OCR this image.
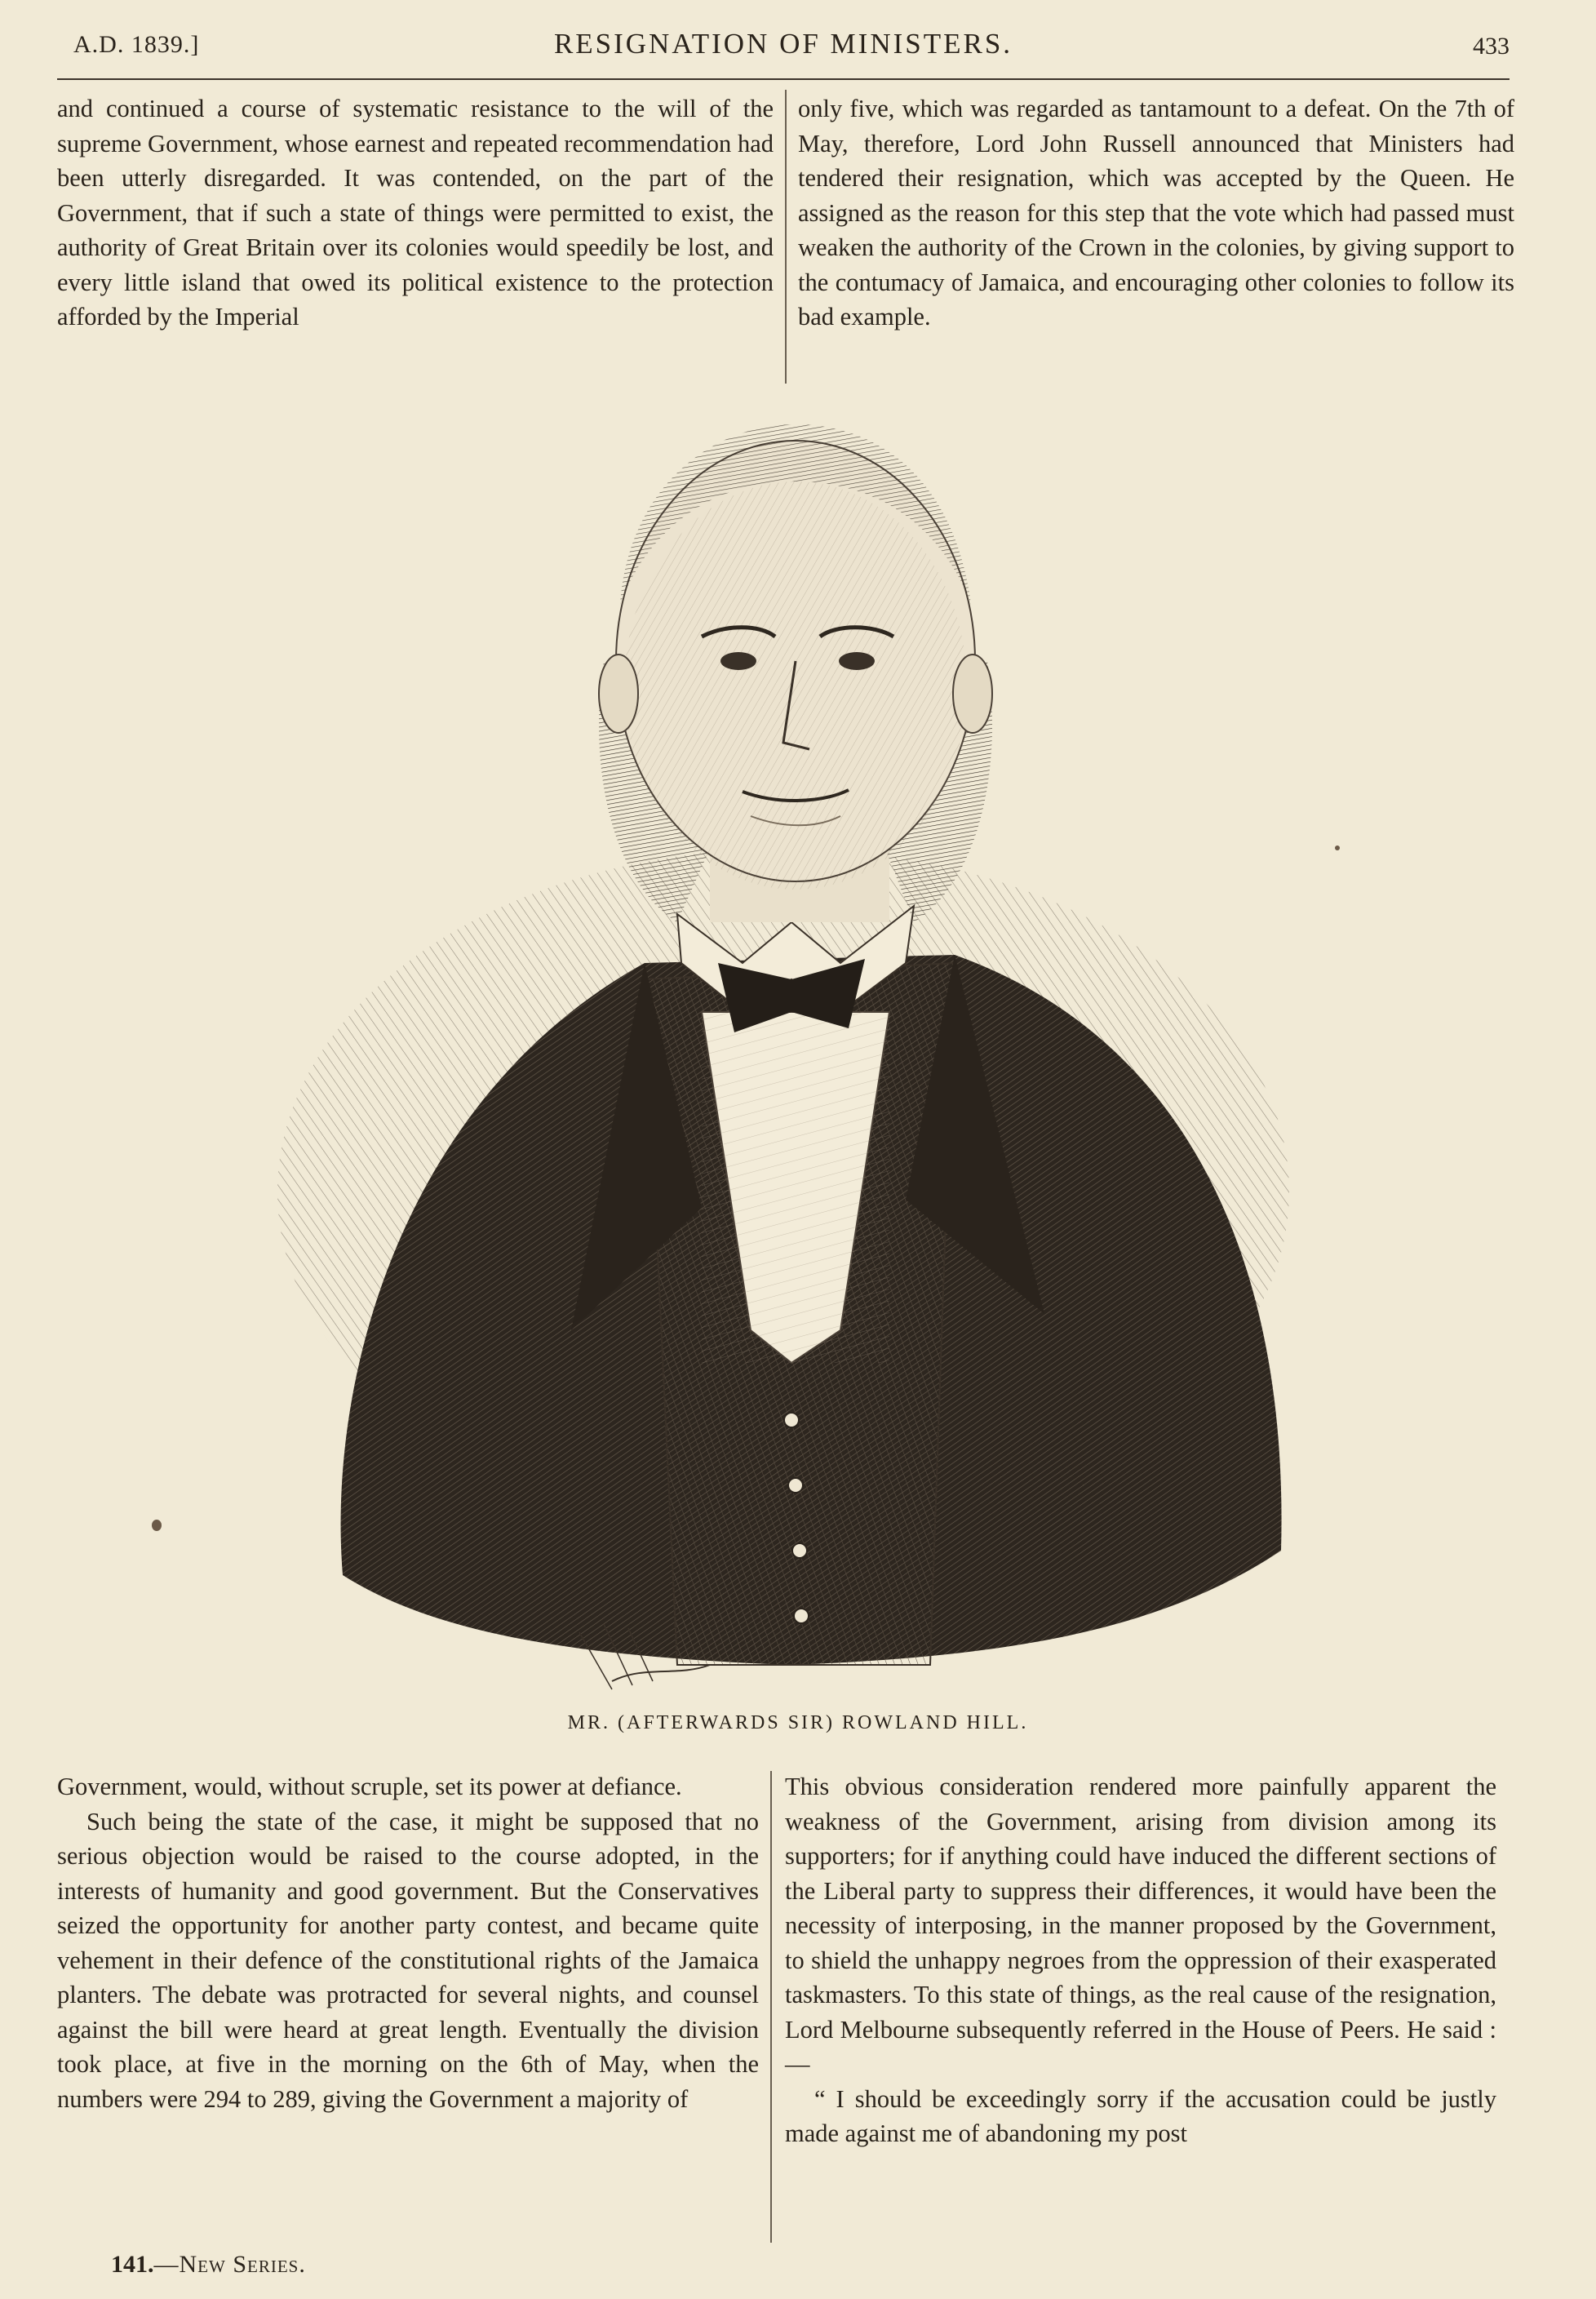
A.D. 1839.]	RESIGNATION OF MINISTERS.	433

and continued a course of systematic resistance to the will of the supreme Government, whose earnest and repeated recommendation had been utterly disregarded. It was contended, on the part of the Government, that if such a state of things were permitted to exist, the authority of Great Britain over its colonies would speedily be lost, and every little island that owed its political existence to the protection afforded by the Imperial

only five, which was regarded as tantamount to a defeat. On the 7th of May, therefore, Lord John Russell announced that Ministers had tendered their resignation, which was accepted by the Queen. He assigned as the reason for this step that the vote which had passed must weaken the authority of the Crown in the colonies, by giving support to the contumacy of Jamaica, and encouraging other colonies to follow its bad example.

MR. (AFTERWARDS SIR) ROWLAND HILL.

Government, would, without scruple, set its power at defiance.

Such being the state of the case, it might be supposed that no serious objection would be raised to the course adopted, in the interests of humanity and good government. But the Conservatives seized the opportunity for another party contest, and became quite vehement in their defence of the constitutional rights of the Jamaica planters. The debate was protracted for several nights, and counsel against the bill were heard at great length. Eventually the division took place, at five in the morning on the 6th of May, when the numbers were 294 to 289, giving the Government a majority of

This obvious consideration rendered more painfully apparent the weakness of the Government, arising from division among its supporters; for if anything could have induced the different sections of the Liberal party to suppress their differences, it would have been the necessity of interposing, in the manner proposed by the Government, to shield the unhappy negroes from the oppression of their exasperated taskmasters. To this state of things, as the real cause of the resignation, Lord Melbourne subsequently referred in the House of Peers. He said :—

“ I should be exceedingly sorry if the accusation could be justly made against me of abandoning my post

141.—New Series.
